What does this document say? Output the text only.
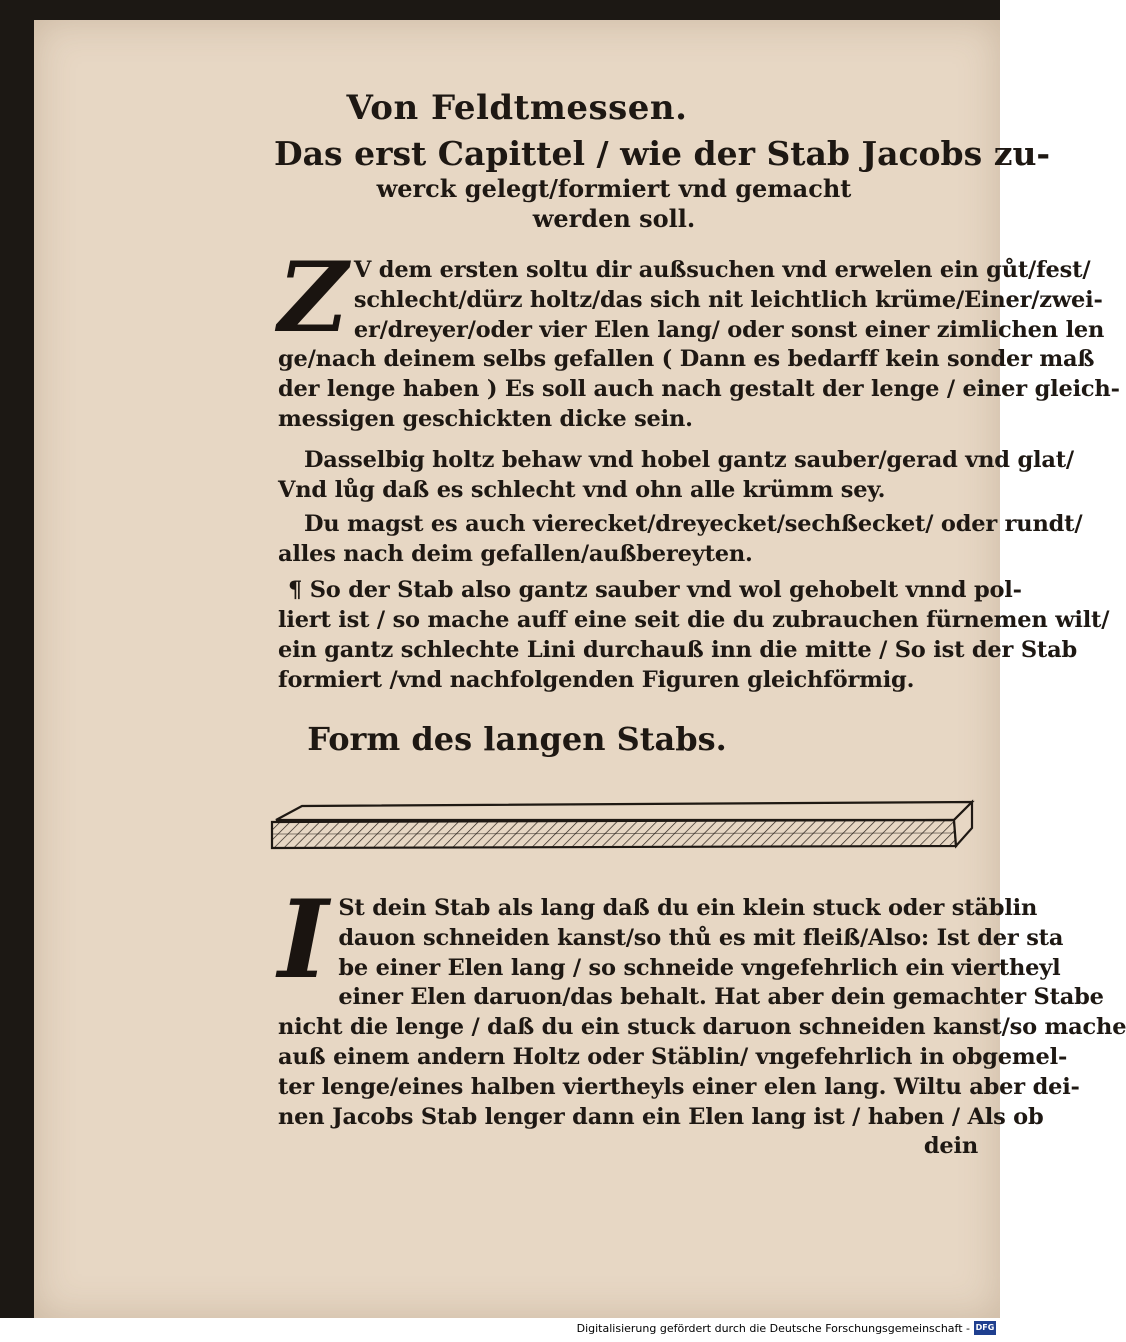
Von Feldtmessen.
Das erst Capittel / wie der Stab Jacobs zu-
werck gelegt/formiert vnd gemacht
werden soll.
Z V dem ersten soltu dir außsuchen vnd erwelen ein gůt/fest/
schlecht/dürz holtz/das sich nit leichtlich krüme/Einer/zwei-
er/dreyer/oder vier Elen lang/ oder sonst einer zimlichen len
ge/nach deinem selbs gefallen ( Dann es bedarff kein sonder maß
der lenge haben ) Es soll auch nach gestalt der lenge / einer gleich-
messigen geschickten dicke sein.
Dasselbig holtz behaw vnd hobel gantz sauber/gerad vnd glat/
Vnd lůg daß es schlecht vnd ohn alle krümm sey.
Du magst es auch vierecket/dreyecket/sechßecket/ oder rundt/
alles nach deim gefallen/außbereyten.
¶ So der Stab also gantz sauber vnd wol gehobelt vnnd pol-
liert ist / so mache auff eine seit die du zubrauchen fürnemen wilt/
ein gantz schlechte Lini durchauß inn die mitte / So ist der Stab
formiert /vnd nachfolgenden Figuren gleichförmig.
Form des langen Stabs.
I St dein Stab als lang daß du ein klein stuck oder stäblin
dauon schneiden kanst/so thů es mit fleiß/Also: Ist der sta
be einer Elen lang / so schneide vngefehrlich ein viertheyl
einer Elen daruon/das behalt. Hat aber dein gemachter Stabe
nicht die lenge / daß du ein stuck daruon schneiden kanst/so mache
auß einem andern Holtz oder Stäblin/ vngefehrlich in obgemel-
ter lenge/eines halben viertheyls einer elen lang. Wiltu aber dei-
nen Jacobs Stab lenger dann ein Elen lang ist / haben / Als ob
dein
Digitalisierung gefördert durch die Deutsche Forschungsgemeinschaft - DFG
